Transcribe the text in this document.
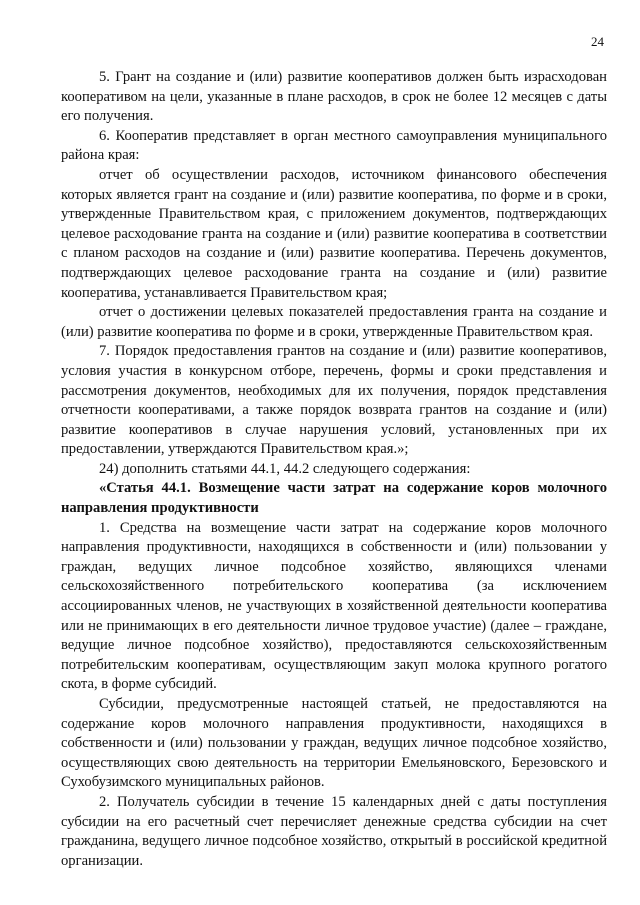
24

5. Грант на создание и (или) развитие кооперативов должен быть израсходован кооперативом на цели, указанные в плане расходов, в срок не более 12 месяцев с даты его получения.

6. Кооператив представляет в орган местного самоуправления муниципального района края:

отчет об осуществлении расходов, источником финансового обеспечения которых является грант на создание и (или) развитие кооператива, по форме и в сроки, утвержденные Правительством края, с приложением документов, подтверждающих целевое расходование гранта на создание и (или) развитие кооператива в соответствии с планом расходов на создание и (или) развитие кооператива. Перечень документов, подтверждающих целевое расходование гранта на создание и (или) развитие кооператива, устанавливается Правительством края;

отчет о достижении целевых показателей предоставления гранта на создание и (или) развитие кооператива по форме и в сроки, утвержденные Правительством края.

7. Порядок предоставления грантов на создание и (или) развитие кооперативов, условия участия в конкурсном отборе, перечень, формы и сроки представления и рассмотрения документов, необходимых для их получения, порядок представления отчетности кооперативами, а также порядок возврата грантов на создание и (или) развитие кооперативов в случае нарушения условий, установленных при их предоставлении, утверждаются Правительством края.»;

24) дополнить статьями 44.1, 44.2 следующего содержания:

«Статья 44.1. Возмещение части затрат на содержание коров молочного направления продуктивности

1. Средства на возмещение части затрат на содержание коров молочного направления продуктивности, находящихся в собственности и (или) пользовании у граждан, ведущих личное подсобное хозяйство, являющихся членами сельскохозяйственного потребительского кооператива (за исключением ассоциированных членов, не участвующих в хозяйственной деятельности кооператива или не принимающих в его деятельности личное трудовое участие) (далее – граждане, ведущие личное подсобное хозяйство), предоставляются сельскохозяйственным потребительским кооперативам, осуществляющим закуп молока крупного рогатого скота, в форме субсидий.

Субсидии, предусмотренные настоящей статьей, не предоставляются на содержание коров молочного направления продуктивности, находящихся в собственности и (или) пользовании у граждан, ведущих личное подсобное хозяйство, осуществляющих свою деятельность на территории Емельяновского, Березовского и Сухобузимского муниципальных районов.

2. Получатель субсидии в течение 15 календарных дней с даты поступления субсидии на его расчетный счет перечисляет денежные средства субсидии на счет гражданина, ведущего личное подсобное хозяйство, открытый в российской кредитной организации.
